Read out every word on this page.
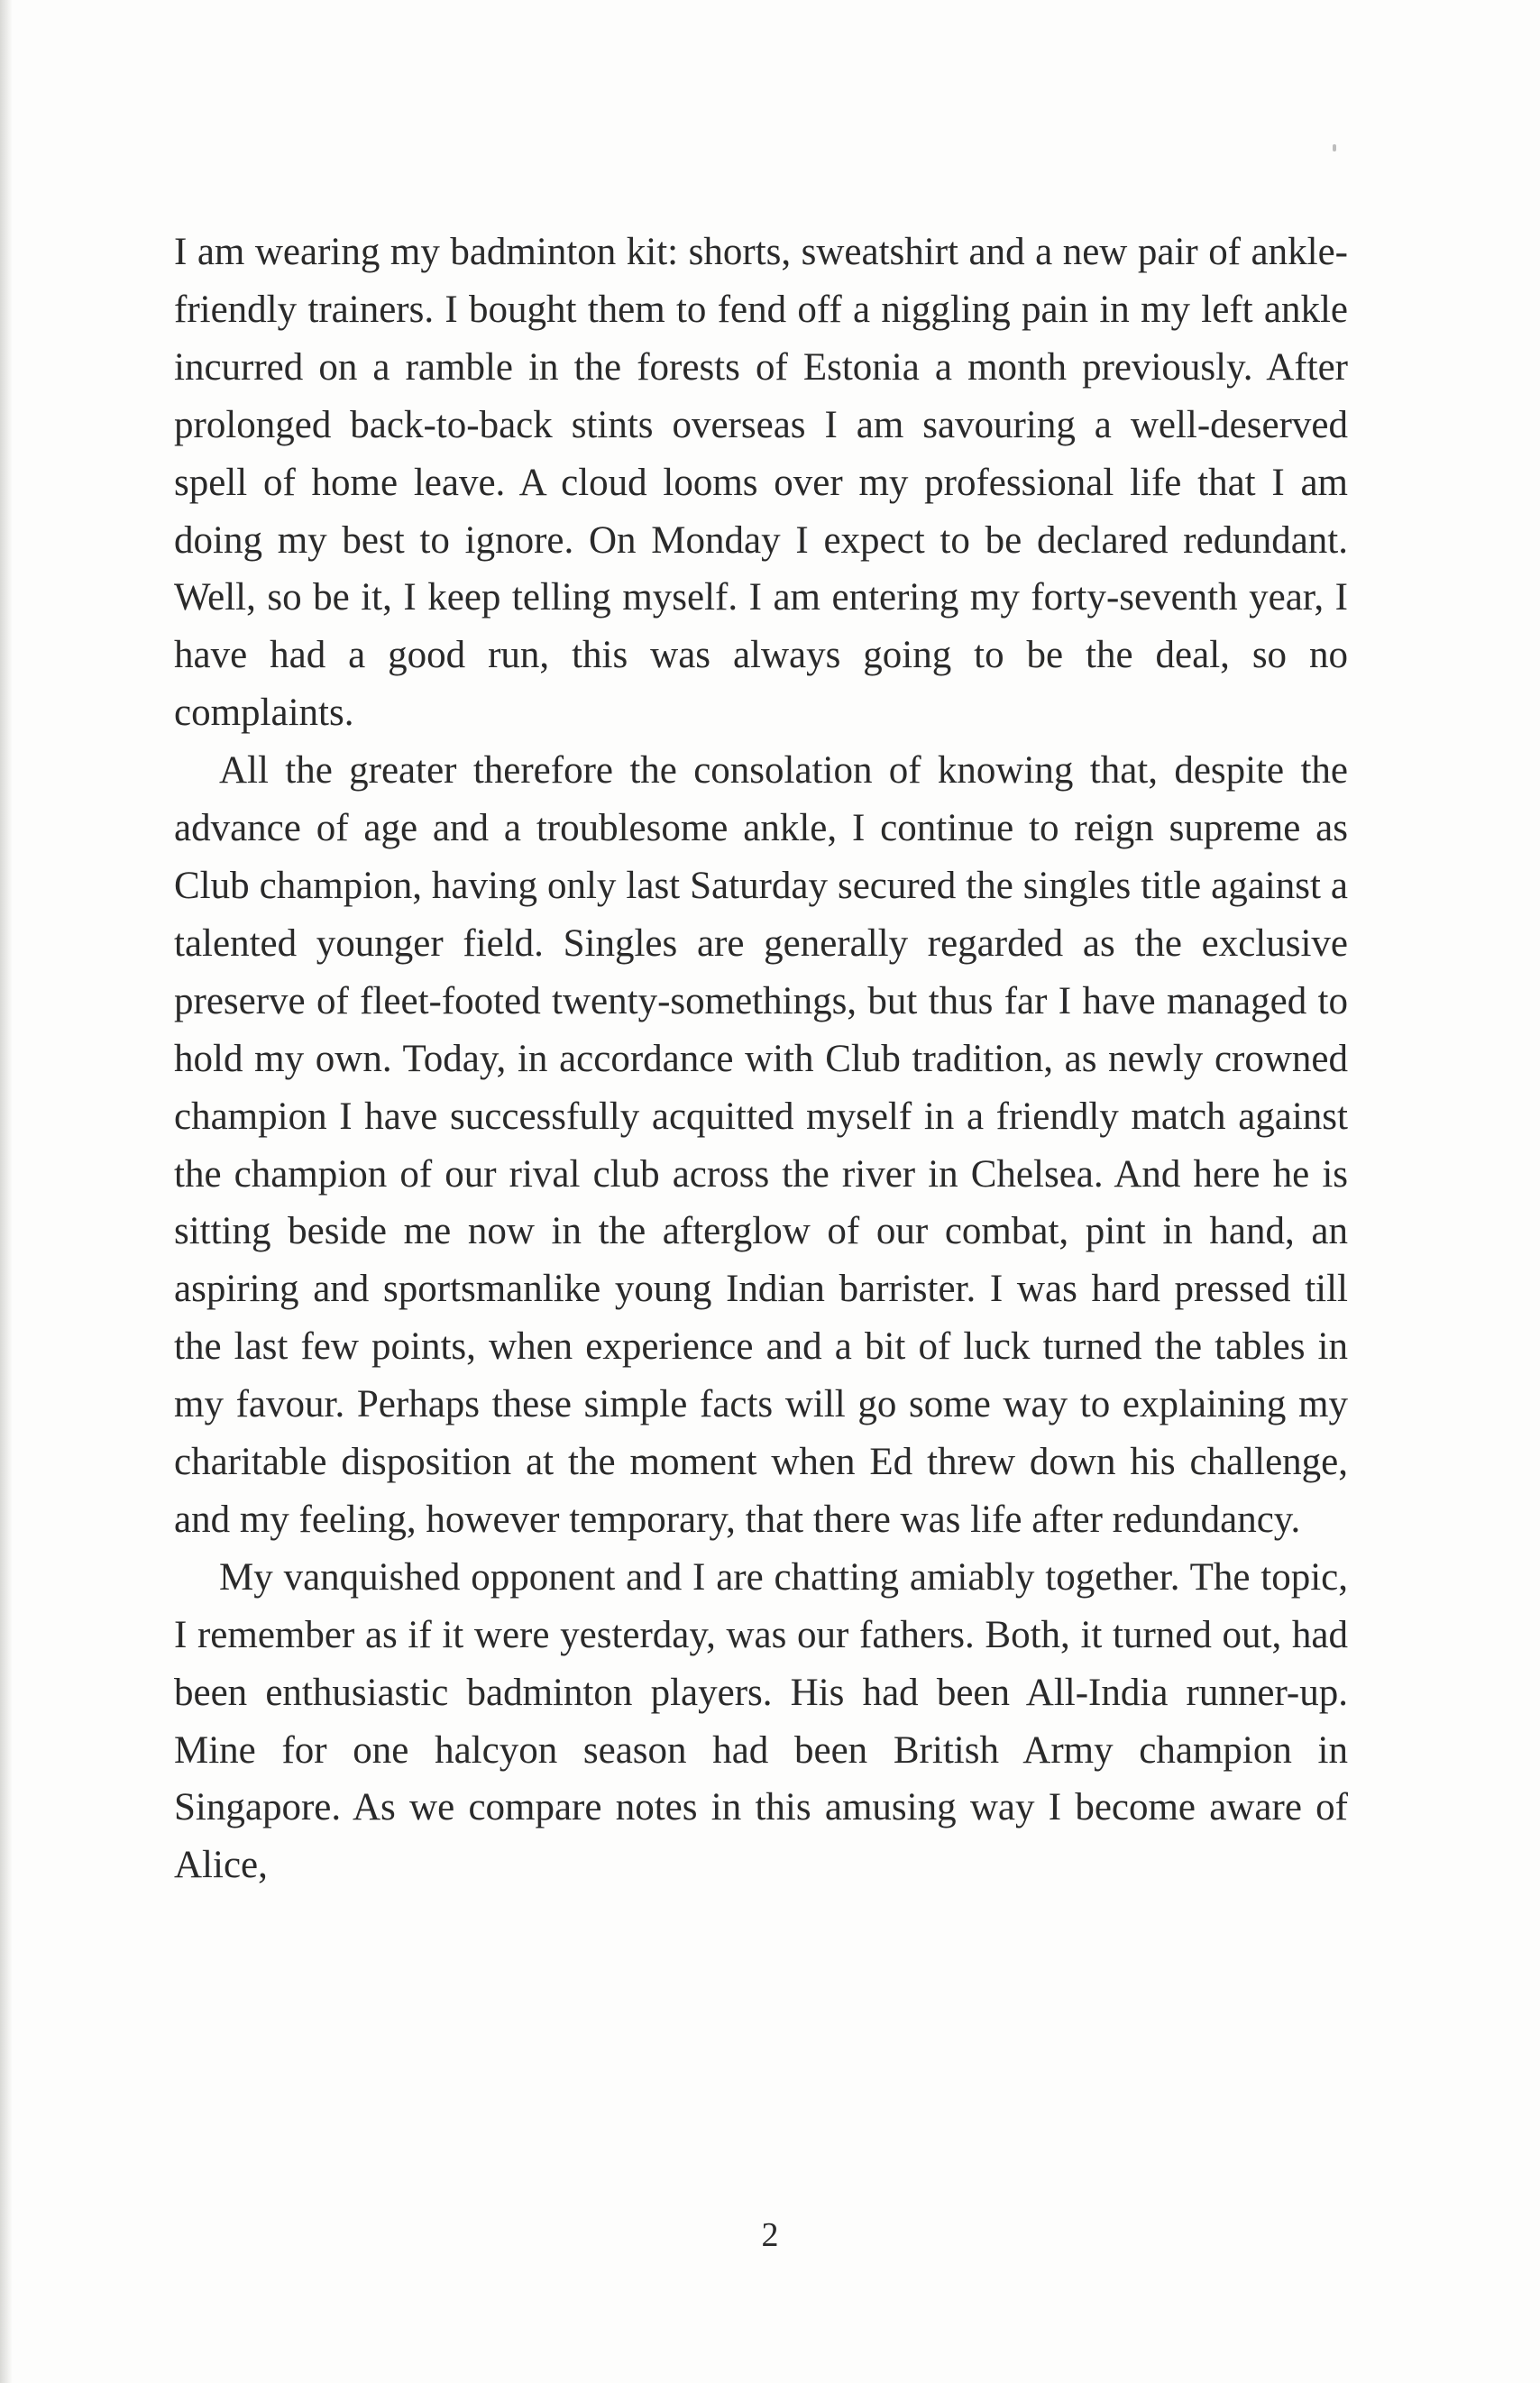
I am wearing my badminton kit: shorts, sweatshirt and a new pair of ankle-friendly trainers. I bought them to fend off a niggling pain in my left ankle incurred on a ramble in the forests of Estonia a month previously. After prolonged back-to-back stints overseas I am savouring a well-deserved spell of home leave. A cloud looms over my professional life that I am doing my best to ignore. On Monday I expect to be declared redundant. Well, so be it, I keep telling myself. I am entering my forty-seventh year, I have had a good run, this was always going to be the deal, so no complaints.

All the greater therefore the consolation of knowing that, despite the advance of age and a troublesome ankle, I continue to reign supreme as Club champion, having only last Saturday secured the singles title against a talented younger field. Singles are generally regarded as the exclusive preserve of fleet-footed twenty-somethings, but thus far I have managed to hold my own. Today, in accordance with Club tradition, as newly crowned champion I have successfully acquitted myself in a friendly match against the champion of our rival club across the river in Chelsea. And here he is sitting beside me now in the afterglow of our combat, pint in hand, an aspiring and sportsmanlike young Indian barrister. I was hard pressed till the last few points, when experience and a bit of luck turned the tables in my favour. Perhaps these simple facts will go some way to explaining my charitable disposition at the moment when Ed threw down his challenge, and my feeling, however temporary, that there was life after redundancy.

My vanquished opponent and I are chatting amiably together. The topic, I remember as if it were yesterday, was our fathers. Both, it turned out, had been enthusiastic badminton players. His had been All-India runner-up. Mine for one halcyon season had been British Army champion in Singapore. As we compare notes in this amusing way I become aware of Alice,

2
